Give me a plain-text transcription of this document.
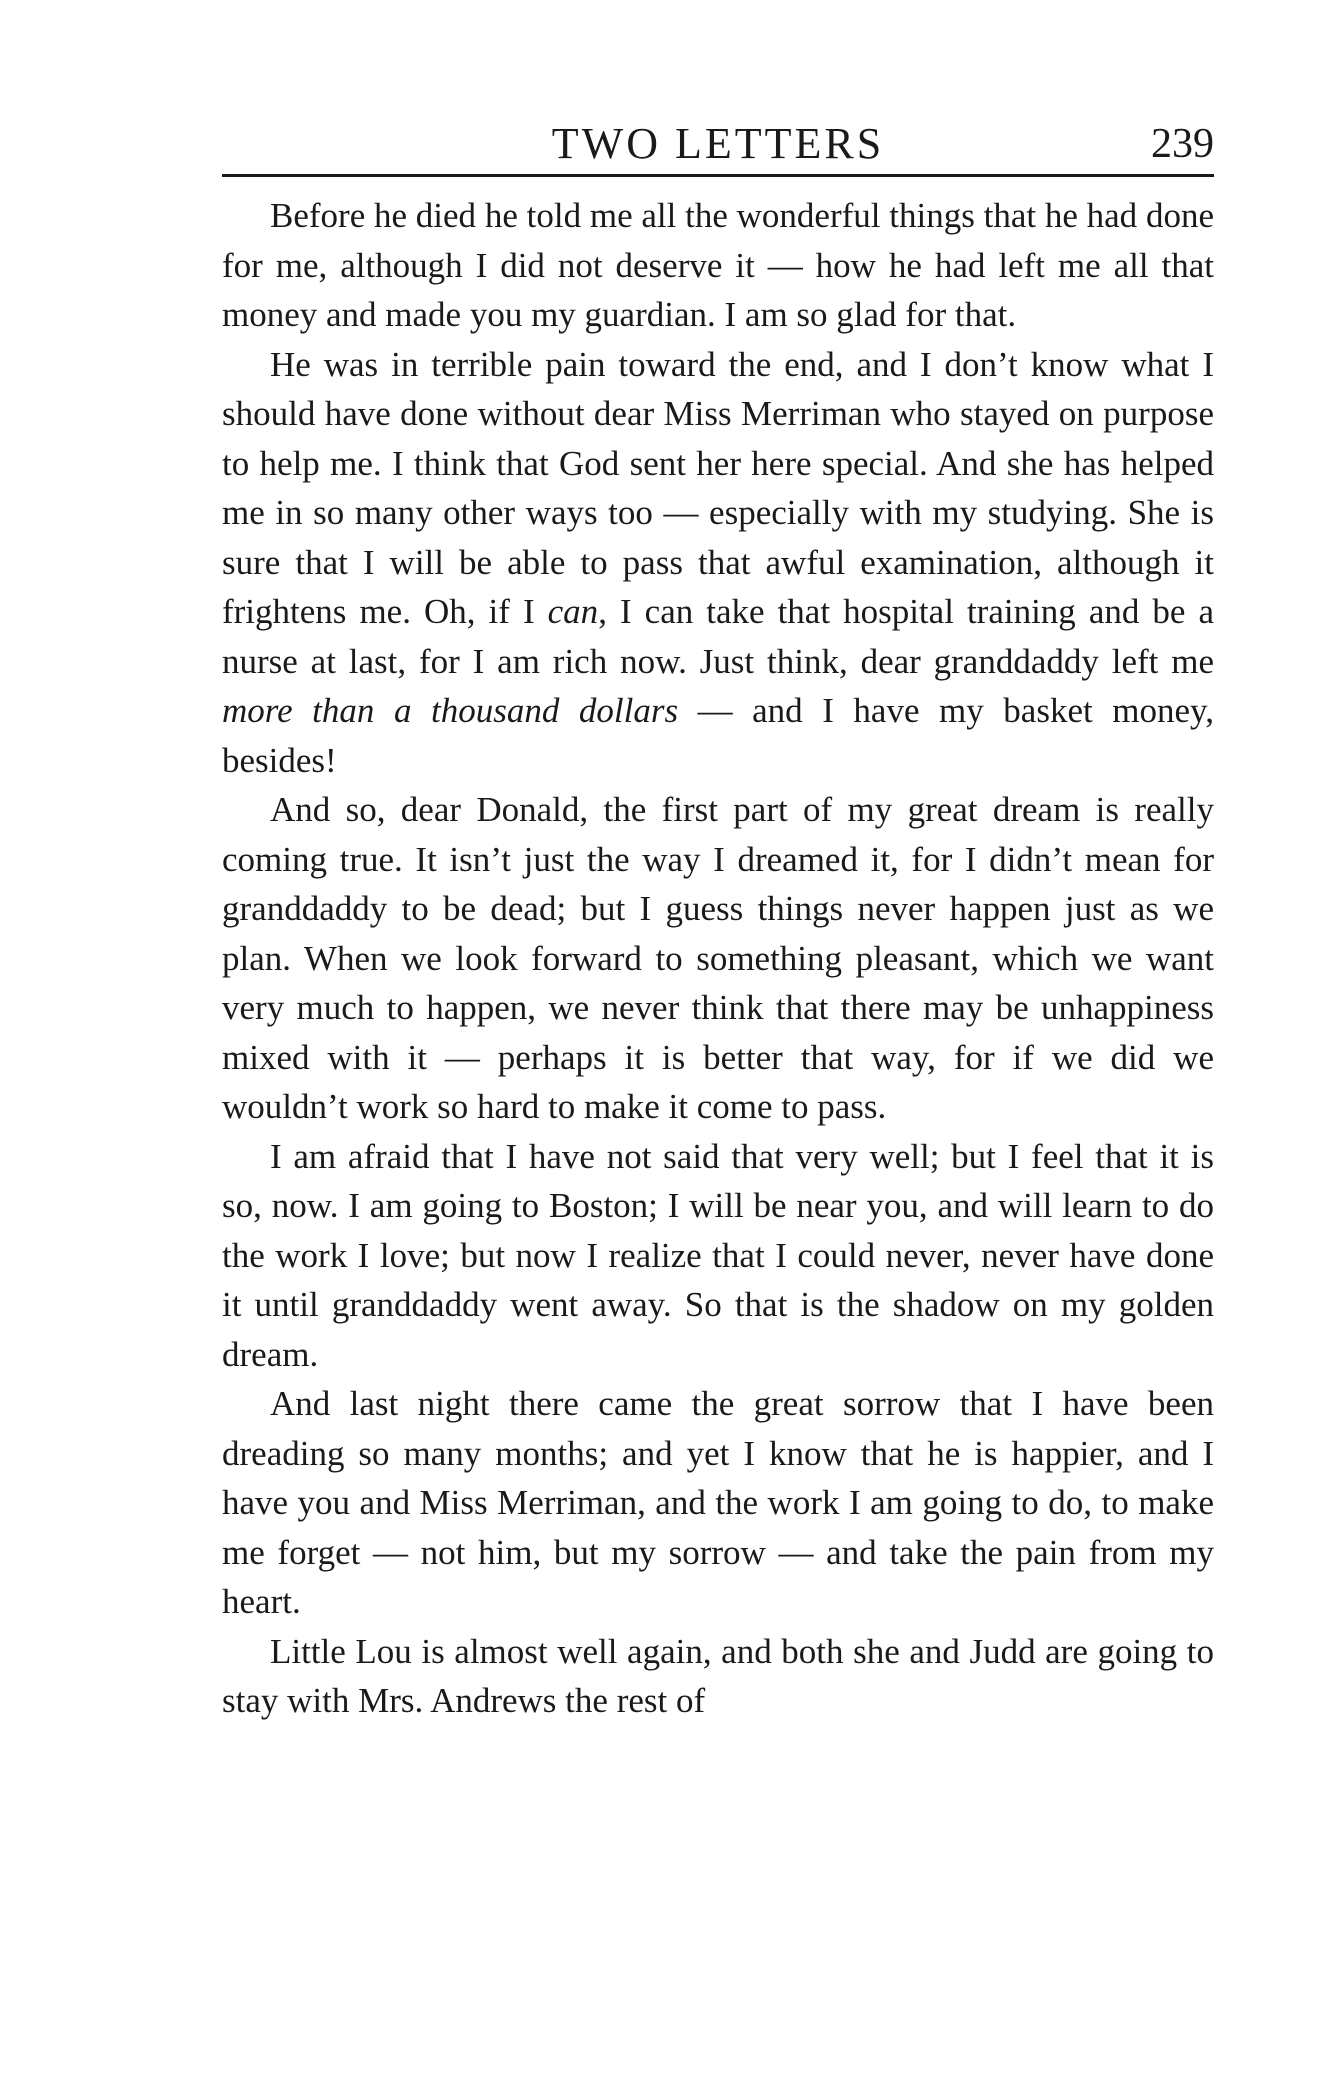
TWO LETTERS	239

Before he died he told me all the wonderful things that he had done for me, although I did not deserve it — how he had left me all that money and made you my guardian. I am so glad for that.

He was in terrible pain toward the end, and I don’t know what I should have done without dear Miss Merriman who stayed on purpose to help me. I think that God sent her here special. And she has helped me in so many other ways too — especially with my studying. She is sure that I will be able to pass that awful examination, although it frightens me. Oh, if I can, I can take that hospital training and be a nurse at last, for I am rich now. Just think, dear granddaddy left me more than a thousand dollars — and I have my basket money, besides!

And so, dear Donald, the first part of my great dream is really coming true. It isn’t just the way I dreamed it, for I didn’t mean for granddaddy to be dead; but I guess things never happen just as we plan. When we look forward to something pleasant, which we want very much to happen, we never think that there may be unhappiness mixed with it — perhaps it is better that way, for if we did we wouldn’t work so hard to make it come to pass.

I am afraid that I have not said that very well; but I feel that it is so, now. I am going to Boston; I will be near you, and will learn to do the work I love; but now I realize that I could never, never have done it until granddaddy went away. So that is the shadow on my golden dream.

And last night there came the great sorrow that I have been dreading so many months; and yet I know that he is happier, and I have you and Miss Merriman, and the work I am going to do, to make me forget — not him, but my sorrow — and take the pain from my heart.

Little Lou is almost well again, and both she and Judd are going to stay with Mrs. Andrews the rest of
